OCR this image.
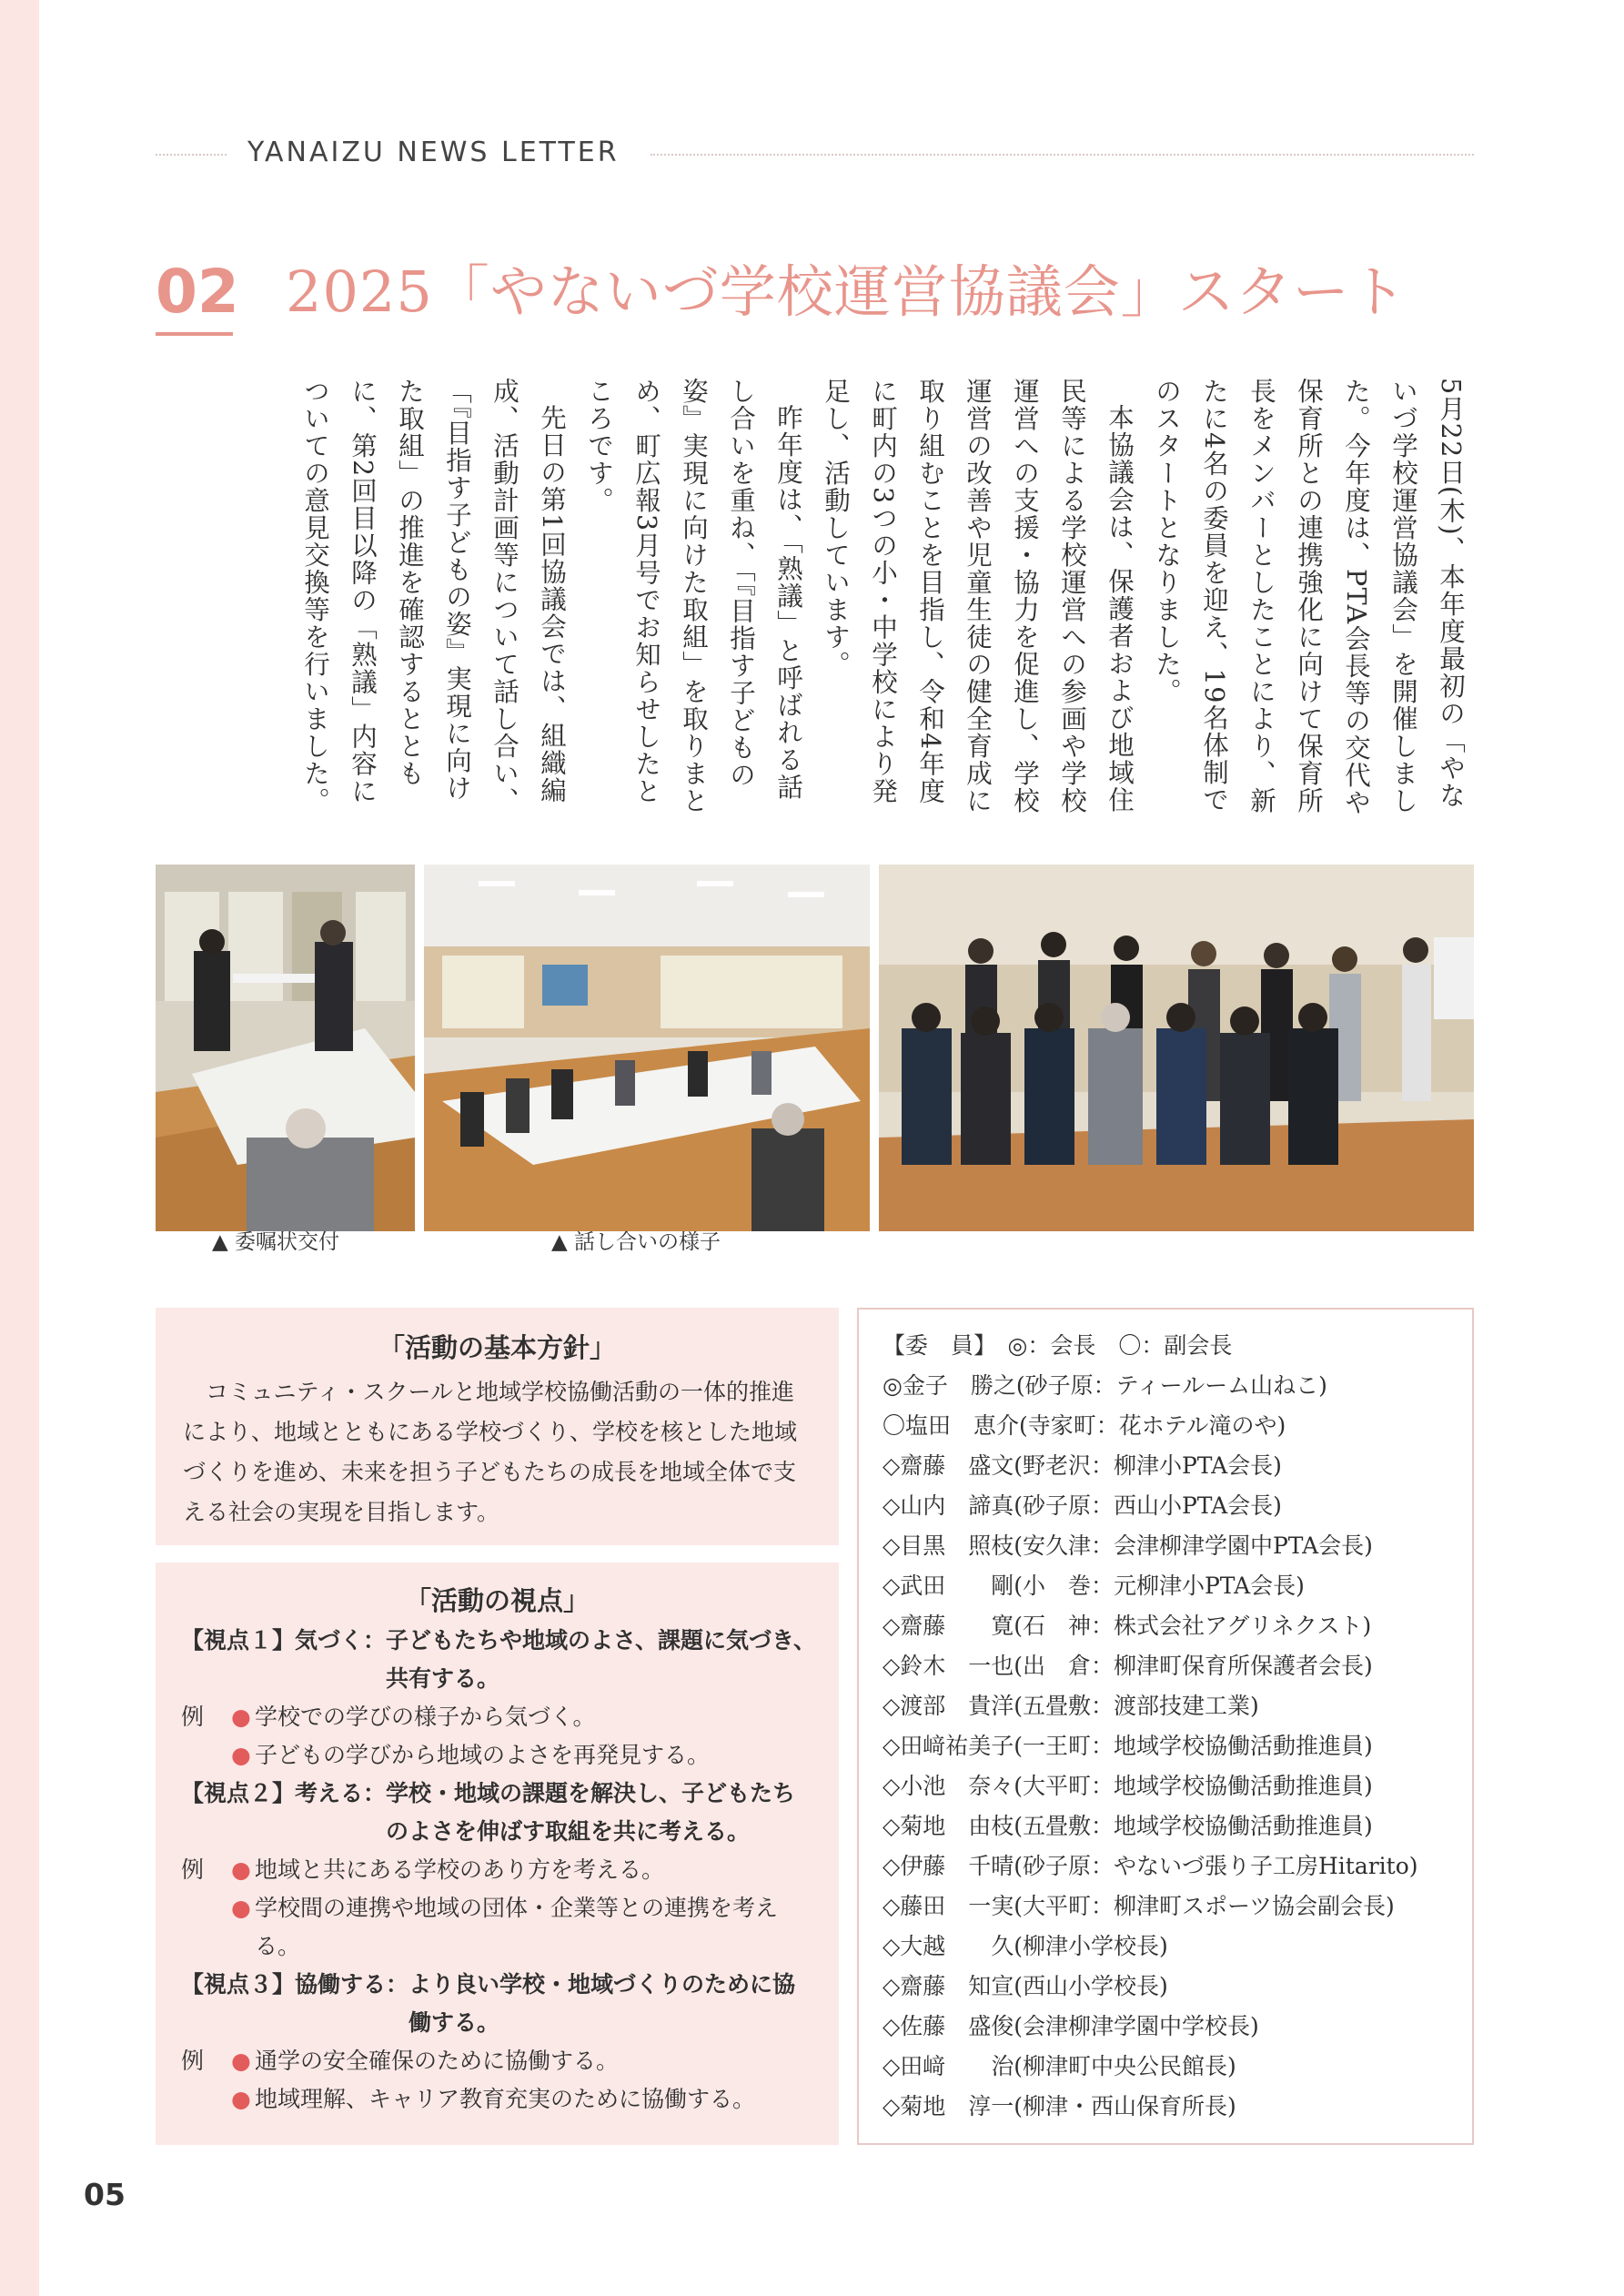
YANAIZU NEWS LETTER
02 2025「やないづ学校運営協議会」スタート

5月22日(木)、本年度最初の「やないづ学校運営協議会」を開催しました。今年度は、PTA会長等の交代や保育所との連携強化に向けて保育所長をメンバーとしたことにより、新たに4名の委員を迎え、19名体制でのスタートとなりました。

本協議会は、保護者および地域住民等による学校運営への参画や学校運営への支援・協力を促進し、学校運営の改善や児童生徒の健全育成に取り組むことを目指し、令和4年度に町内の3つの小・中学校により発足し、活動しています。

昨年度は、「熟議」と呼ばれる話し合いを重ね、「『目指す子どもの姿』実現に向けた取組」を取りまとめ、町広報3月号でお知らせしたところです。

先日の第1回協議会では、組織編成、活動計画等について話し合い、「『目指す子どもの姿』実現に向けた取組」の推進を確認するとともに、第2回目以降の「熟議」内容についての意見交換等を行いました。

▲ 委嘱状交付	▲ 話し合いの様子
「活動の基本方針」
コミュニティ・スクールと地域学校協働活動の一体的推進により、地域とともにある学校づくり、学校を核とした地域づくりを進め、未来を担う子どもたちの成長を地域全体で支える社会の実現を目指します。
「活動の視点」
【視点１】気づく： 子どもたちや地域のよさ、課題に気づき、共有する。
例	● 学校での学びの様子から気づく。
● 子どもの学びから地域のよさを再発見する。
【視点２】考える： 学校・地域の課題を解決し、子どもたちのよさを伸ばす取組を共に考える。
例	● 地域と共にある学校のあり方を考える。
● 学校間の連携や地域の団体・企業等との連携を考える。
【視点３】協働する： より良い学校・地域づくりのために協働する。
例	● 通学の安全確保のために協働する。
● 地域理解、キャリア教育充実のために協働する。
【委　員】　◎：会長　〇：副会長
◎金子　勝之(砂子原：ティールーム山ねこ)
〇塩田　恵介(寺家町：花ホテル滝のや)
◇齋藤　盛文(野老沢：柳津小PTA会長)
◇山内　諦真(砂子原：西山小PTA会長)
◇目黒　照枝(安久津：会津柳津学園中PTA会長)
◇武田　　剛(小　巻：元柳津小PTA会長)
◇齋藤　　寛(石　神：株式会社アグリネクスト)
◇鈴木　一也(出　倉：柳津町保育所保護者会長)
◇渡部　貴洋(五畳敷：渡部技建工業)
◇田﨑祐美子(一王町：地域学校協働活動推進員)
◇小池　奈々(大平町：地域学校協働活動推進員)
◇菊地　由枝(五畳敷：地域学校協働活動推進員)
◇伊藤　千晴(砂子原：やないづ張り子工房Hitarito)
◇藤田　一実(大平町：柳津町スポーツ協会副会長)
◇大越　　久(柳津小学校長)
◇齋藤　知宣(西山小学校長)
◇佐藤　盛俊(会津柳津学園中学校長)
◇田﨑　　治(柳津町中央公民館長)
◇菊地　淳一(柳津・西山保育所長)
05
